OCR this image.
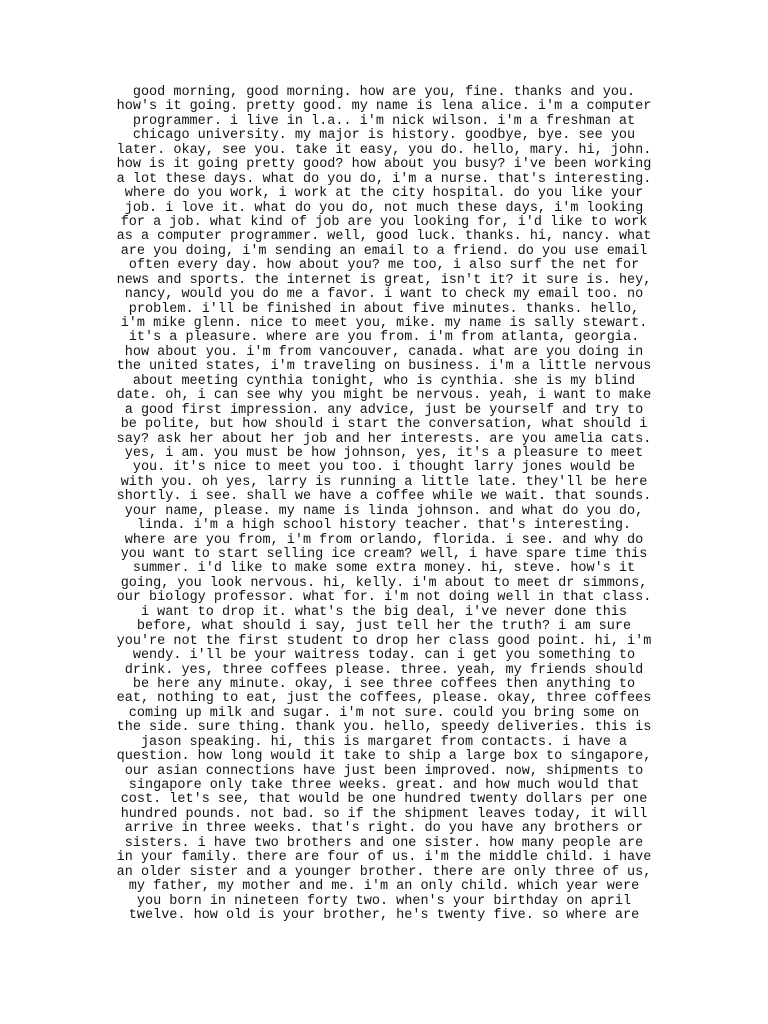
good morning, good morning. how are you, fine. thanks and you.
how's it going. pretty good. my name is lena alice. i'm a computer
programmer. i live in l.a.. i'm nick wilson. i'm a freshman at
chicago university. my major is history. goodbye, bye. see you
later. okay, see you. take it easy, you do. hello, mary. hi, john.
how is it going pretty good? how about you busy? i've been working
a lot these days. what do you do, i'm a nurse. that's interesting.
where do you work, i work at the city hospital. do you like your
job. i love it. what do you do, not much these days, i'm looking
for a job. what kind of job are you looking for, i'd like to work
as a computer programmer. well, good luck. thanks. hi, nancy. what
are you doing, i'm sending an email to a friend. do you use email
often every day. how about you? me too, i also surf the net for
news and sports. the internet is great, isn't it? it sure is. hey,
nancy, would you do me a favor. i want to check my email too. no
problem. i'll be finished in about five minutes. thanks. hello,
i'm mike glenn. nice to meet you, mike. my name is sally stewart.
it's a pleasure. where are you from. i'm from atlanta, georgia.
how about you. i'm from vancouver, canada. what are you doing in
the united states, i'm traveling on business. i'm a little nervous
about meeting cynthia tonight, who is cynthia. she is my blind
date. oh, i can see why you might be nervous. yeah, i want to make
a good first impression. any advice, just be yourself and try to
be polite, but how should i start the conversation, what should i
say? ask her about her job and her interests. are you amelia cats.
yes, i am. you must be how johnson, yes, it's a pleasure to meet
you. it's nice to meet you too. i thought larry jones would be
with you. oh yes, larry is running a little late. they'll be here
shortly. i see. shall we have a coffee while we wait. that sounds.
your name, please. my name is linda johnson. and what do you do,
linda. i'm a high school history teacher. that's interesting.
where are you from, i'm from orlando, florida. i see. and why do
you want to start selling ice cream? well, i have spare time this
summer. i'd like to make some extra money. hi, steve. how's it
going, you look nervous. hi, kelly. i'm about to meet dr simmons,
our biology professor. what for. i'm not doing well in that class.
i want to drop it. what's the big deal, i've never done this
before, what should i say, just tell her the truth? i am sure
you're not the first student to drop her class good point. hi, i'm
wendy. i'll be your waitress today. can i get you something to
drink. yes, three coffees please. three. yeah, my friends should
be here any minute. okay, i see three coffees then anything to
eat, nothing to eat, just the coffees, please. okay, three coffees
coming up milk and sugar. i'm not sure. could you bring some on
the side. sure thing. thank you. hello, speedy deliveries. this is
jason speaking. hi, this is margaret from contacts. i have a
question. how long would it take to ship a large box to singapore,
our asian connections have just been improved. now, shipments to
singapore only take three weeks. great. and how much would that
cost. let's see, that would be one hundred twenty dollars per one
hundred pounds. not bad. so if the shipment leaves today, it will
arrive in three weeks. that's right. do you have any brothers or
sisters. i have two brothers and one sister. how many people are
in your family. there are four of us. i'm the middle child. i have
an older sister and a younger brother. there are only three of us,
my father, my mother and me. i'm an only child. which year were
you born in nineteen forty two. when's your birthday on april
twelve. how old is your brother, he's twenty five. so where are
